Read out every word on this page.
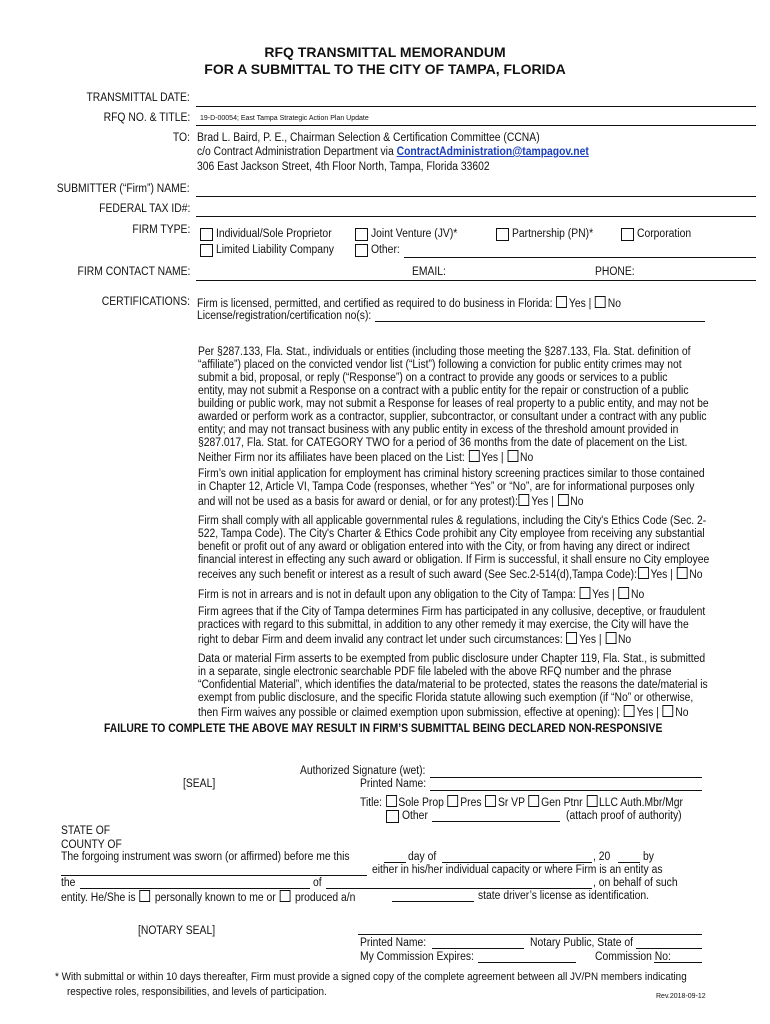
RFQ TRANSMITTAL MEMORANDUM
FOR A SUBMITTAL TO THE CITY OF TAMPA, FLORIDA
TRANSMITTAL DATE:
RFQ NO. & TITLE: 19-D-00054; East Tampa Strategic Action Plan Update
TO: Brad L. Baird, P. E., Chairman Selection & Certification Committee (CCNA)
c/o Contract Administration Department via ContractAdministration@tampagov.net
306 East Jackson Street, 4th Floor North, Tampa, Florida 33602
SUBMITTER (“Firm”) NAME:
FEDERAL TAX ID#:
FIRM TYPE: Individual/Sole Proprietor	Joint Venture (JV)*	Partnership (PN)*	Corporation
Limited Liability Company	Other:
FIRM CONTACT NAME:	EMAIL:	PHONE:
CERTIFICATIONS: Firm is licensed, permitted, and certified as required to do business in Florida: Yes | No
License/registration/certification no(s):
Per §287.133, Fla. Stat., individuals or entities (including those meeting the §287.133, Fla. Stat. definition of
“affiliate”) placed on the convicted vendor list (“List”) following a conviction for public entity crimes may not
submit a bid, proposal, or reply (“Response”) on a contract to provide any goods or services to a public
entity, may not submit a Response on a contract with a public entity for the repair or construction of a public
building or public work, may not submit a Response for leases of real property to a public entity, and may not be
awarded or perform work as a contractor, supplier, subcontractor, or consultant under a contract with any public
entity; and may not transact business with any public entity in excess of the threshold amount provided in
§287.017, Fla. Stat. for CATEGORY TWO for a period of 36 months from the date of placement on the List.
Neither Firm nor its affiliates have been placed on the List: Yes | No
Firm’s own initial application for employment has criminal history screening practices similar to those contained
in Chapter 12, Article VI, Tampa Code (responses, whether “Yes” or “No”, are for informational purposes only
and will not be used as a basis for award or denial, or for any protest): Yes | No
Firm shall comply with all applicable governmental rules & regulations, including the City's Ethics Code (Sec. 2-
522, Tampa Code). The City's Charter & Ethics Code prohibit any City employee from receiving any substantial
benefit or profit out of any award or obligation entered into with the City, or from having any direct or indirect
financial interest in effecting any such award or obligation. If Firm is successful, it shall ensure no City employee
receives any such benefit or interest as a result of such award (See Sec.2-514(d),Tampa Code): Yes | No
Firm is not in arrears and is not in default upon any obligation to the City of Tampa: Yes | No
Firm agrees that if the City of Tampa determines Firm has participated in any collusive, deceptive, or fraudulent
practices with regard to this submittal, in addition to any other remedy it may exercise, the City will have the
right to debar Firm and deem invalid any contract let under such circumstances: Yes | No
Data or material Firm asserts to be exempted from public disclosure under Chapter 119, Fla. Stat., is submitted
in a separate, single electronic searchable PDF file labeled with the above RFQ number and the phrase
“Confidential Material”, which identifies the data/material to be protected, states the reasons the date/material is
exempt from public disclosure, and the specific Florida statute allowing such exemption (if “No” or otherwise,
then Firm waives any possible or claimed exemption upon submission, effective at opening): Yes | No
FAILURE TO COMPLETE THE ABOVE MAY RESULT IN FIRM’S SUBMITTAL BEING DECLARED NON-RESPONSIVE
[SEAL]
Authorized Signature (wet):
Printed Name:
Title: Sole Prop Pres Sr VP Gen Ptnr LLC Auth.Mbr/Mgr
Other	(attach proof of authority)
STATE OF
COUNTY OF
The forgoing instrument was sworn (or affirmed) before me this	day of	, 20	by
either in his/her individual capacity or where Firm is an entity as
the	of	, on behalf of such
entity. He/She is personally known to me or produced a/n	state driver’s license as identification.
[NOTARY SEAL]
Printed Name:	Notary Public, State of
My Commission Expires:	Commission No:
* With submittal or within 10 days thereafter, Firm must provide a signed copy of the complete agreement between all JV/PN members indicating
respective roles, responsibilities, and levels of participation.	Rev.2018-09-12
